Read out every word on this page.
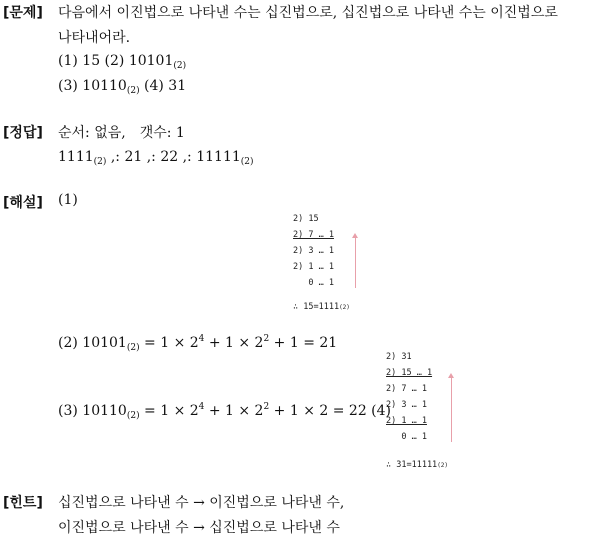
[문제] 다음에서 이진법으로 나타낸 수는 십진법으로, 십진법으로 나타낸 수는 이진법으로
나타내어라.
(1) 15 (2) $10101_{(2)}$
(3) $10110_{(2)}$ (4) 31
[정답] 순서: 없음,　갯수: 1
$1111_{(2)}$ ,: 21 ,: 22 ,: $11111_{(2)}$
[해설] (1)
2) 15
2) 7 … 1
2) 3 … 1
2) 1 … 1
0 … 1
∴ 15=1111(2)
(2) $10101_{(2)} = 1 \times 2^4 + 1 \times 2^2 + 1 = 21$
(3) $10110_{(2)} = 1 \times 2^4 + 1 \times 2^2 + 1 \times 2 = 22$ (4)
2) 31
2) 15 … 1
2) 7 … 1
2) 3 … 1
2) 1 … 1
0 … 1
∴ 31=11111(2)
[힌트] 십진법으로 나타낸 수 → 이진법으로 나타낸 수,
이진법으로 나타낸 수 → 십진법으로 나타낸 수
